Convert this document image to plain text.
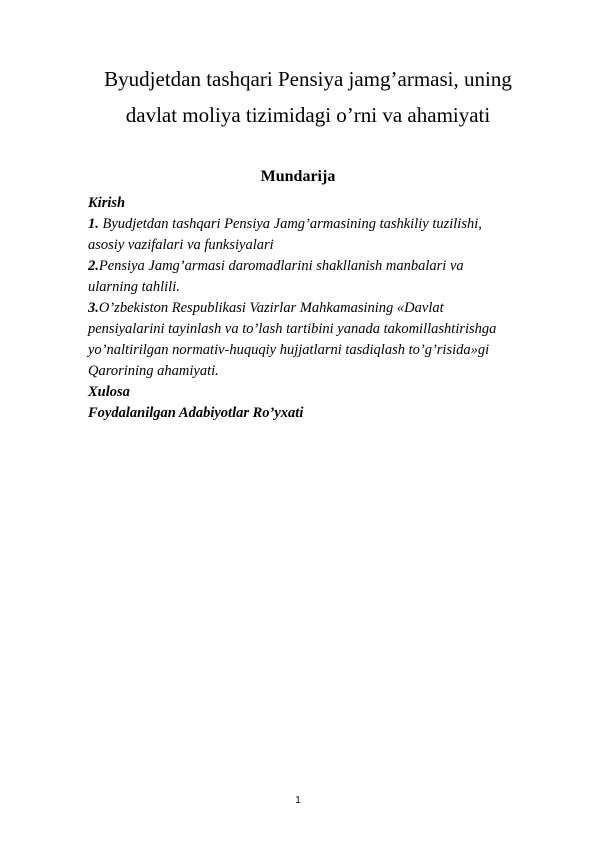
Byudjetdan tashqari Pensiya jamg’armasi, uning
davlat moliya tizimidagi o’rni va ahamiyati
Mundarija
Kirish
1. Byudjetdan tashqari Pensiya Jamg’armasining tashkiliy tuzilishi,
asosiy vazifalari va funksiyalari
2.Pensiya Jamg’armasi daromadlarini shakllanish manbalari va
ularning tahlili.
3.O’zbekiston Respublikasi Vazirlar Mahkamasining «Davlat
pensiyalarini tayinlash va to’lash tartibini yanada takomillashtirishga
yo’naltirilgan normativ-huquqiy hujjatlarni tasdiqlash to’g’risida»gi
Qarorining ahamiyati.
Xulosa
Foydalanilgan Adabiyotlar Ro’yxati
1
